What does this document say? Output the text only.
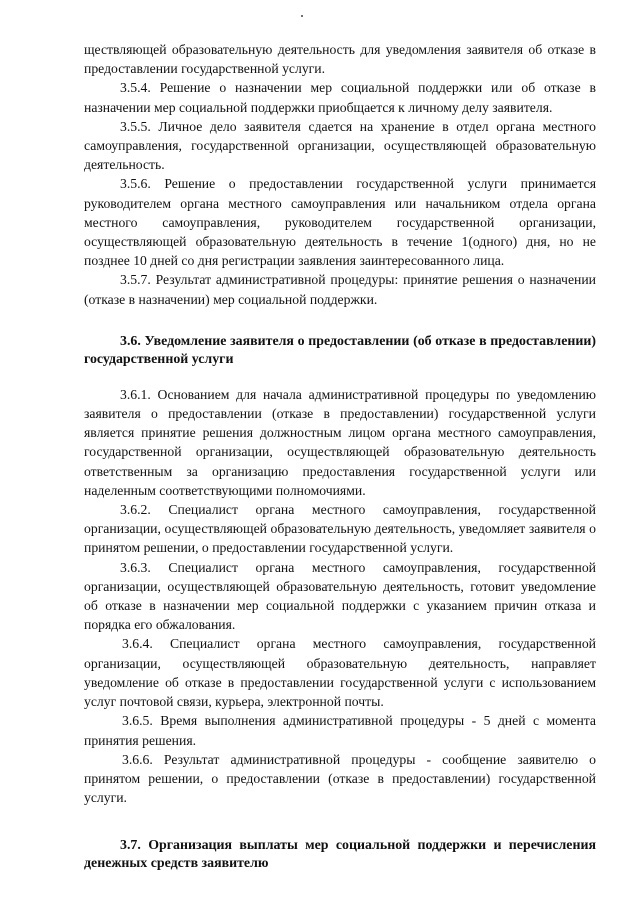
ществляющей образовательную деятельность для уведомления заявителя об отказе в предоставлении государственной услуги.

3.5.4. Решение о назначении мер социальной поддержки или об отказе в назначении мер социальной поддержки приобщается к личному делу заявителя.

3.5.5. Личное дело заявителя сдается на хранение в отдел органа местного самоуправления, государственной организации, осуществляющей образовательную деятельность.

3.5.6. Решение о предоставлении государственной услуги принимается руководителем органа местного самоуправления или начальником отдела органа местного самоуправления, руководителем государственной организации, осуществляющей образовательную деятельность в течение 1(одного) дня, но не позднее 10 дней со дня регистрации заявления заинтересованного лица.

3.5.7. Результат административной процедуры: принятие решения о назначении (отказе в назначении) мер социальной поддержки.

3.6. Уведомление заявителя о предоставлении (об отказе в предоставлении) государственной услуги

3.6.1. Основанием для начала административной процедуры по уведомлению заявителя о предоставлении (отказе в предоставлении) государственной услуги является принятие решения должностным лицом органа местного самоуправления, государственной организации, осуществляющей образовательную деятельность ответственным за организацию предоставления государственной услуги или наделенным соответствующими полномочиями.

3.6.2. Специалист органа местного самоуправления, государственной организации, осуществляющей образовательную деятельность, уведомляет заявителя о принятом решении, о предоставлении государственной услуги.

3.6.3. Специалист органа местного самоуправления, государственной организации, осуществляющей образовательную деятельность, готовит уведомление об отказе в назначении мер социальной поддержки с указанием причин отказа и порядка его обжалования.

3.6.4. Специалист органа местного самоуправления, государственной организации, осуществляющей образовательную деятельность, направляет уведомление об отказе в предоставлении государственной услуги с использованием услуг почтовой связи, курьера, электронной почты.

3.6.5. Время выполнения административной процедуры - 5 дней с момента принятия решения.

3.6.6. Результат административной процедуры - сообщение заявителю о принятом решении, о предоставлении (отказе в предоставлении) государственной услуги.

3.7. Организация выплаты мер социальной поддержки и перечисления денежных средств заявителю
